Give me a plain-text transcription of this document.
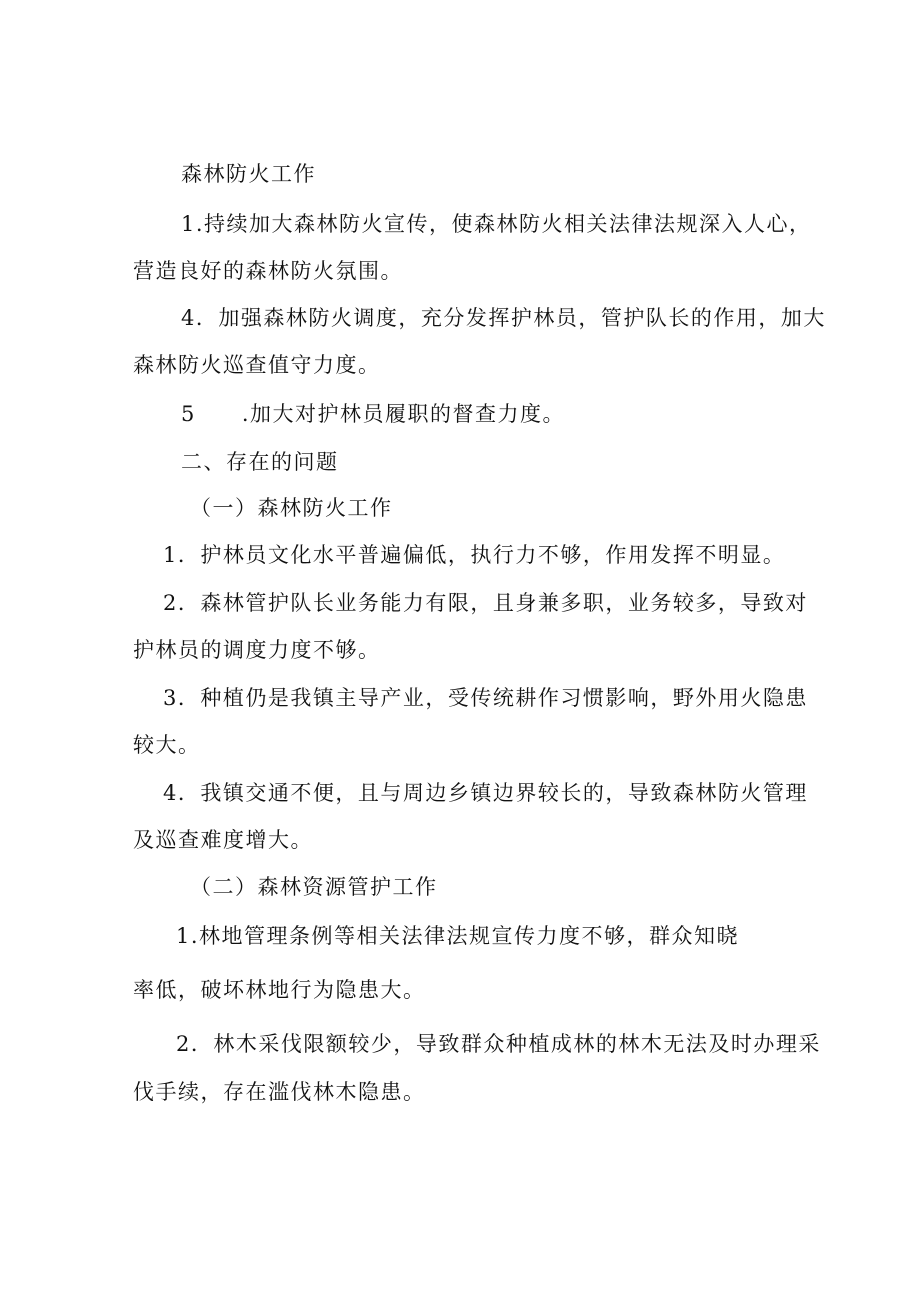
森林防火工作
1.持续加大森林防火宣传，使森林防火相关法律法规深入人心，
营造良好的森林防火氛围。
4．加强森林防火调度，充分发挥护林员，管护队长的作用，加大
森林防火巡查值守力度。
5 .加大对护林员履职的督查力度。
二、存在的问题
（一）森林防火工作
1．护林员文化水平普遍偏低，执行力不够，作用发挥不明显。
2．森林管护队长业务能力有限，且身兼多职，业务较多，导致对
护林员的调度力度不够。
3．种植仍是我镇主导产业，受传统耕作习惯影响，野外用火隐患
较大。
4．我镇交通不便，且与周边乡镇边界较长的，导致森林防火管理
及巡查难度增大。
（二）森林资源管护工作
1.林地管理条例等相关法律法规宣传力度不够，群众知晓
率低，破坏林地行为隐患大。
2．林木采伐限额较少，导致群众种植成林的林木无法及时办理采
伐手续，存在滥伐林木隐患。
